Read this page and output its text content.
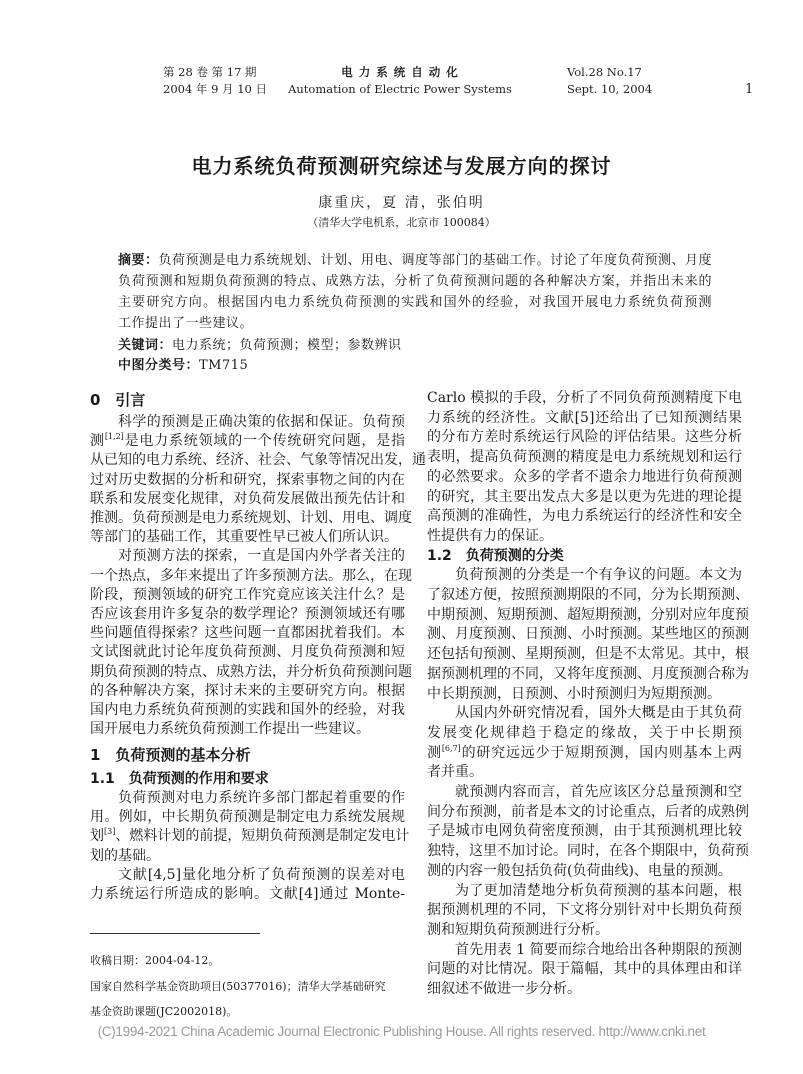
第 28 卷 第 17 期
2004 年 9 月 10 日
电 力 系 统 自 动 化
Automation of Electric Power Systems
Vol.28 No.17
Sept. 10, 2004	1
电力系统负荷预测研究综述与发展方向的探讨
康重庆，夏 清，张伯明
（清华大学电机系，北京市 100084）
摘要：负荷预测是电力系统规划、计划、用电、调度等部门的基础工作。讨论了年度负荷预测、月度
负荷预测和短期负荷预测的特点、成熟方法，分析了负荷预测问题的各种解决方案，并指出未来的
主要研究方向。根据国内电力系统负荷预测的实践和国外的经验，对我国开展电力系统负荷预测
工作提出了一些建议。
关键词：电力系统；负荷预测；模型；参数辨识
中图分类号：TM715
0　引言
科学的预测是正确决策的依据和保证。负荷预
测[1,2]是电力系统领域的一个传统研究问题，是指
从已知的电力系统、经济、社会、气象等情况出发，通
过对历史数据的分析和研究，探索事物之间的内在
联系和发展变化规律，对负荷发展做出预先估计和
推测。负荷预测是电力系统规划、计划、用电、调度
等部门的基础工作，其重要性早已被人们所认识。
对预测方法的探索，一直是国内外学者关注的
一个热点，多年来提出了许多预测方法。那么，在现
阶段，预测领域的研究工作究竟应该关注什么？是
否应该套用许多复杂的数学理论？预测领域还有哪
些问题值得探索？这些问题一直都困扰着我们。本
文试图就此讨论年度负荷预测、月度负荷预测和短
期负荷预测的特点、成熟方法，并分析负荷预测问题
的各种解决方案，探讨未来的主要研究方向。根据
国内电力系统负荷预测的实践和国外的经验，对我
国开展电力系统负荷预测工作提出一些建议。
1　负荷预测的基本分析
1.1　负荷预测的作用和要求
负荷预测对电力系统许多部门都起着重要的作
用。例如，中长期负荷预测是制定电力系统发展规
划[3]、燃料计划的前提，短期负荷预测是制定发电计
划的基础。
文献[4,5]量化地分析了负荷预测的误差对电
力系统运行所造成的影响。文献[4]通过 Monte-
Carlo 模拟的手段，分析了不同负荷预测精度下电
力系统的经济性。文献[5]还给出了已知预测结果
的分布方差时系统运行风险的评估结果。这些分析
表明，提高负荷预测的精度是电力系统规划和运行
的必然要求。众多的学者不遗余力地进行负荷预测
的研究，其主要出发点大多是以更为先进的理论提
高预测的准确性，为电力系统运行的经济性和安全
性提供有力的保证。
1.2　负荷预测的分类
负荷预测的分类是一个有争议的问题。本文为
了叙述方便，按照预测期限的不同，分为长期预测、
中期预测、短期预测、超短期预测，分别对应年度预
测、月度预测、日预测、小时预测。某些地区的预测
还包括旬预测、星期预测，但是不太常见。其中，根
据预测机理的不同，又将年度预测、月度预测合称为
中长期预测，日预测、小时预测归为短期预测。
从国内外研究情况看，国外大概是由于其负荷
发展变化规律趋于稳定的缘故，关于中长期预
测[6,7]的研究远远少于短期预测，国内则基本上两
者并重。
就预测内容而言，首先应该区分总量预测和空
间分布预测，前者是本文的讨论重点，后者的成熟例
子是城市电网负荷密度预测，由于其预测机理比较
独特，这里不加讨论。同时，在各个期限中，负荷预
测的内容一般包括负荷(负荷曲线)、电量的预测。
为了更加清楚地分析负荷预测的基本问题，根
据预测机理的不同，下文将分别针对中长期负荷预
测和短期负荷预测进行分析。
首先用表 1 简要而综合地给出各种期限的预测
问题的对比情况。限于篇幅，其中的具体理由和详
细叙述不做进一步分析。
收稿日期：2004-04-12。
国家自然科学基金资助项目(50377016)；清华大学基础研究
基金资助课题(JC2002018)。
(C)1994-2021 China Academic Journal Electronic Publishing House. All rights reserved. http://www.cnki.net
